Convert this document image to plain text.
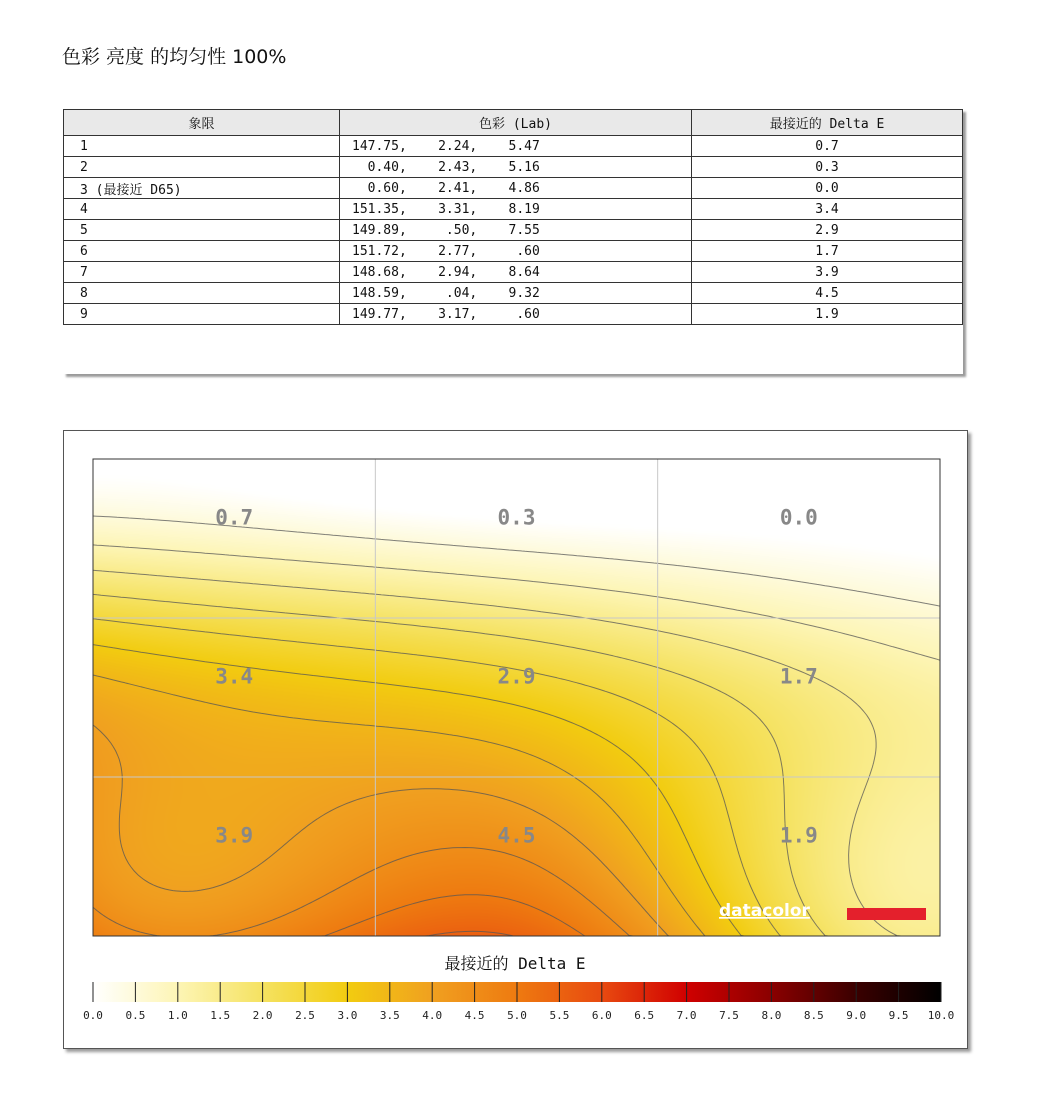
色彩 亮度 的均匀性 100%
象限	色彩 (Lab)	最接近的 Delta E
1	147.75,    2.24,    5.47	0.7
2	0.40,    2.43,    5.16	0.3
3 (最接近 D65)	0.60,    2.41,    4.86	0.0
4	151.35,    3.31,    8.19	3.4
5	149.89,     .50,    7.55	2.9
6	151.72,    2.77,     .60	1.7
7	148.68,    2.94,    8.64	3.9
8	148.59,     .04,    9.32	4.5
9	149.77,    3.17,     .60	1.9
0.7	0.3	0.0
3.4	2.9	1.7
3.9	4.5	1.9
datacolor
最接近的 Delta E
0.0 0.5 1.0 1.5 2.0 2.5 3.0 3.5 4.0 4.5 5.0 5.5 6.0 6.5 7.0 7.5 8.0 8.5 9.0 9.5 10.0
